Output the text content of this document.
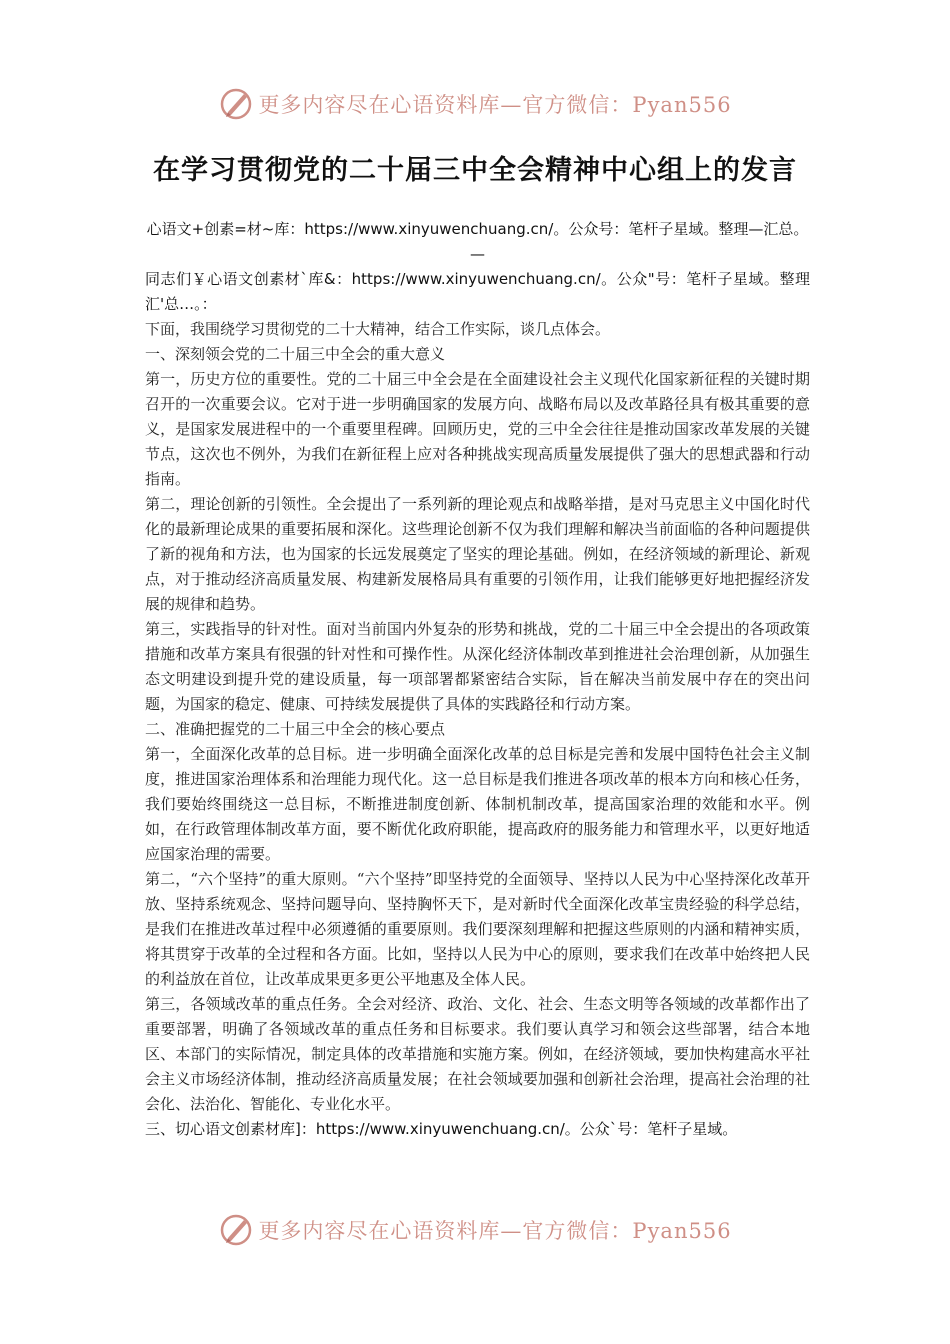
更多内容尽在心语资料库—官方微信：Pyan556
在学习贯彻党的二十届三中全会精神中心组上的发言

心语文+创素=材~库：https://www.xinyuwenchuang.cn/。公众号：笔杆子星域。整理—汇总。—

同志们￥心语文创素材`库&：https://www.xinyuwenchuang.cn/。公众"号：笔杆子星域。整理汇'总…。：

下面，我围绕学习贯彻党的二十大精神，结合工作实际，谈几点体会。

一、深刻领会党的二十届三中全会的重大意义

第一，历史方位的重要性。党的二十届三中全会是在全面建设社会主义现代化国家新征程的关键时期召开的一次重要会议。它对于进一步明确国家的发展方向、战略布局以及改革路径具有极其重要的意义，是国家发展进程中的一个重要里程碑。回顾历史，党的三中全会往往是推动国家改革发展的关键节点，这次也不例外，为我们在新征程上应对各种挑战实现高质量发展提供了强大的思想武器和行动指南。

第二，理论创新的引领性。全会提出了一系列新的理论观点和战略举措，是对马克思主义中国化时代化的最新理论成果的重要拓展和深化。这些理论创新不仅为我们理解和解决当前面临的各种问题提供了新的视角和方法，也为国家的长远发展奠定了坚实的理论基础。例如，在经济领域的新理论、新观点，对于推动经济高质量发展、构建新发展格局具有重要的引领作用，让我们能够更好地把握经济发展的规律和趋势。

第三，实践指导的针对性。面对当前国内外复杂的形势和挑战，党的二十届三中全会提出的各项政策措施和改革方案具有很强的针对性和可操作性。从深化经济体制改革到推进社会治理创新，从加强生态文明建设到提升党的建设质量，每一项部署都紧密结合实际，旨在解决当前发展中存在的突出问题，为国家的稳定、健康、可持续发展提供了具体的实践路径和行动方案。

二、准确把握党的二十届三中全会的核心要点

第一，全面深化改革的总目标。进一步明确全面深化改革的总目标是完善和发展中国特色社会主义制度，推进国家治理体系和治理能力现代化。这一总目标是我们推进各项改革的根本方向和核心任务，我们要始终围绕这一总目标，不断推进制度创新、体制机制改革，提高国家治理的效能和水平。例如，在行政管理体制改革方面，要不断优化政府职能，提高政府的服务能力和管理水平，以更好地适应国家治理的需要。

第二，“六个坚持”的重大原则。“六个坚持”即坚持党的全面领导、坚持以人民为中心坚持深化改革开放、坚持系统观念、坚持问题导向、坚持胸怀天下，是对新时代全面深化改革宝贵经验的科学总结，是我们在推进改革过程中必须遵循的重要原则。我们要深刻理解和把握这些原则的内涵和精神实质，将其贯穿于改革的全过程和各方面。比如，坚持以人民为中心的原则，要求我们在改革中始终把人民的利益放在首位，让改革成果更多更公平地惠及全体人民。

第三，各领域改革的重点任务。全会对经济、政治、文化、社会、生态文明等各领域的改革都作出了重要部署，明确了各领域改革的重点任务和目标要求。我们要认真学习和领会这些部署，结合本地区、本部门的实际情况，制定具体的改革措施和实施方案。例如，在经济领域，要加快构建高水平社会主义市场经济体制，推动经济高质量发展；在社会领域要加强和创新社会治理，提高社会治理的社会化、法治化、智能化、专业化水平。

三、切心语文创素材库]：https://www.xinyuwenchuang.cn/。公众`号：笔杆子星域。

更多内容尽在心语资料库—官方微信：Pyan556
